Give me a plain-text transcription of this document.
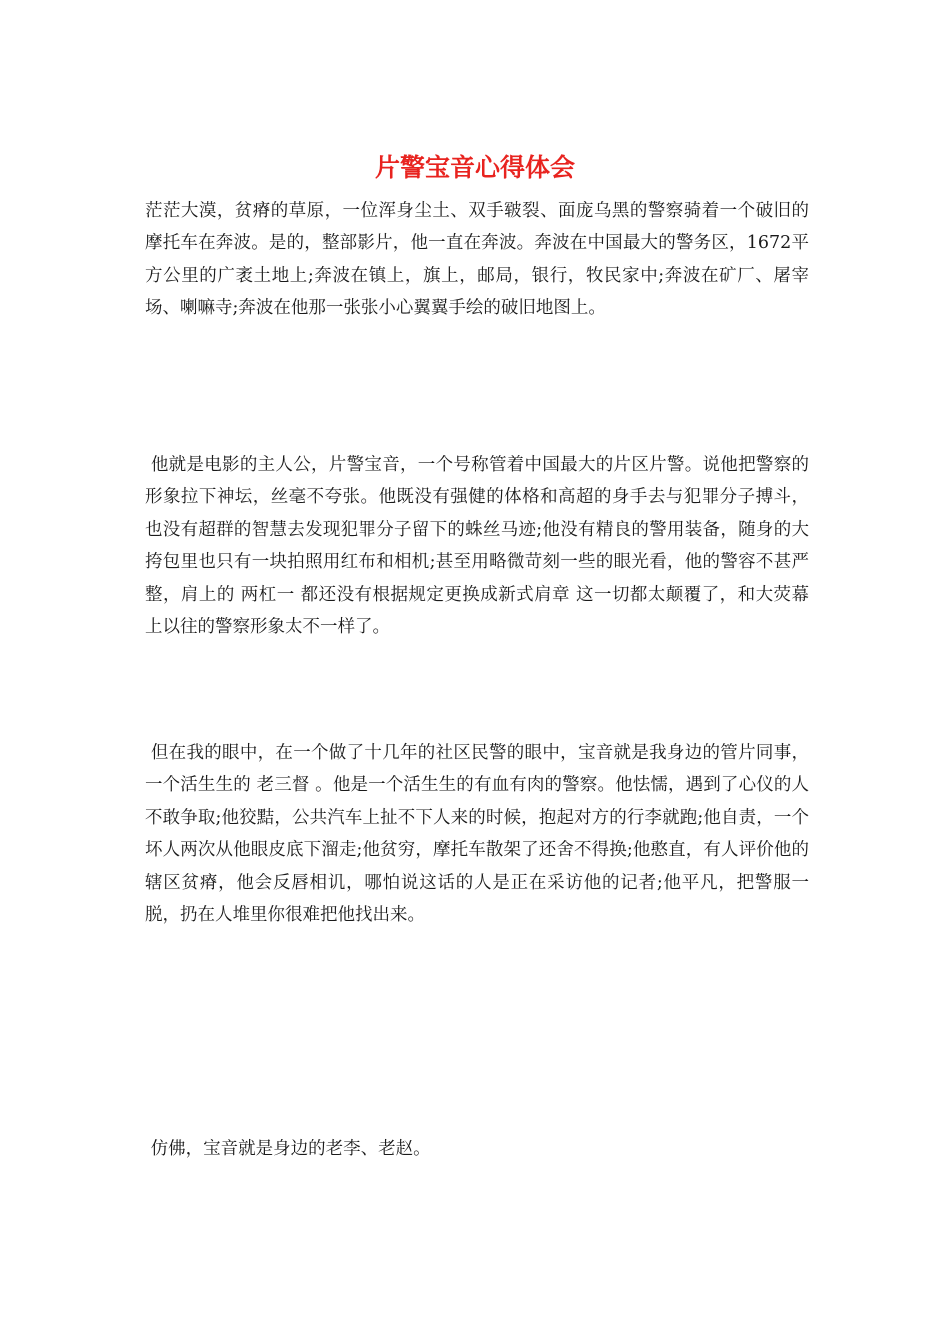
片警宝音心得体会

茫茫大漠，贫瘠的草原，一位浑身尘土、双手皲裂、面庞乌黑的警察骑着一个破旧的摩托车在奔波。是的，整部影片，他一直在奔波。奔波在中国最大的警务区，1672平方公里的广袤土地上;奔波在镇上，旗上，邮局，银行，牧民家中;奔波在矿厂、屠宰场、喇嘛寺;奔波在他那一张张小心翼翼手绘的破旧地图上。

他就是电影的主人公，片警宝音，一个号称管着中国最大的片区片警。说他把警察的形象拉下神坛，丝毫不夸张。他既没有强健的体格和高超的身手去与犯罪分子搏斗，也没有超群的智慧去发现犯罪分子留下的蛛丝马迹;他没有精良的警用装备，随身的大挎包里也只有一块拍照用红布和相机;甚至用略微苛刻一些的眼光看，他的警容不甚严整，肩上的 两杠一 都还没有根据规定更换成新式肩章 这一切都太颠覆了，和大荧幕上以往的警察形象太不一样了。

但在我的眼中，在一个做了十几年的社区民警的眼中，宝音就是我身边的管片同事，一个活生生的 老三督 。他是一个活生生的有血有肉的警察。他怯懦，遇到了心仪的人不敢争取;他狡黠，公共汽车上扯不下人来的时候，抱起对方的行李就跑;他自责，一个坏人两次从他眼皮底下溜走;他贫穷，摩托车散架了还舍不得换;他憨直，有人评价他的辖区贫瘠，他会反唇相讥，哪怕说这话的人是正在采访他的记者;他平凡，把警服一脱，扔在人堆里你很难把他找出来。

仿佛，宝音就是身边的老李、老赵。
